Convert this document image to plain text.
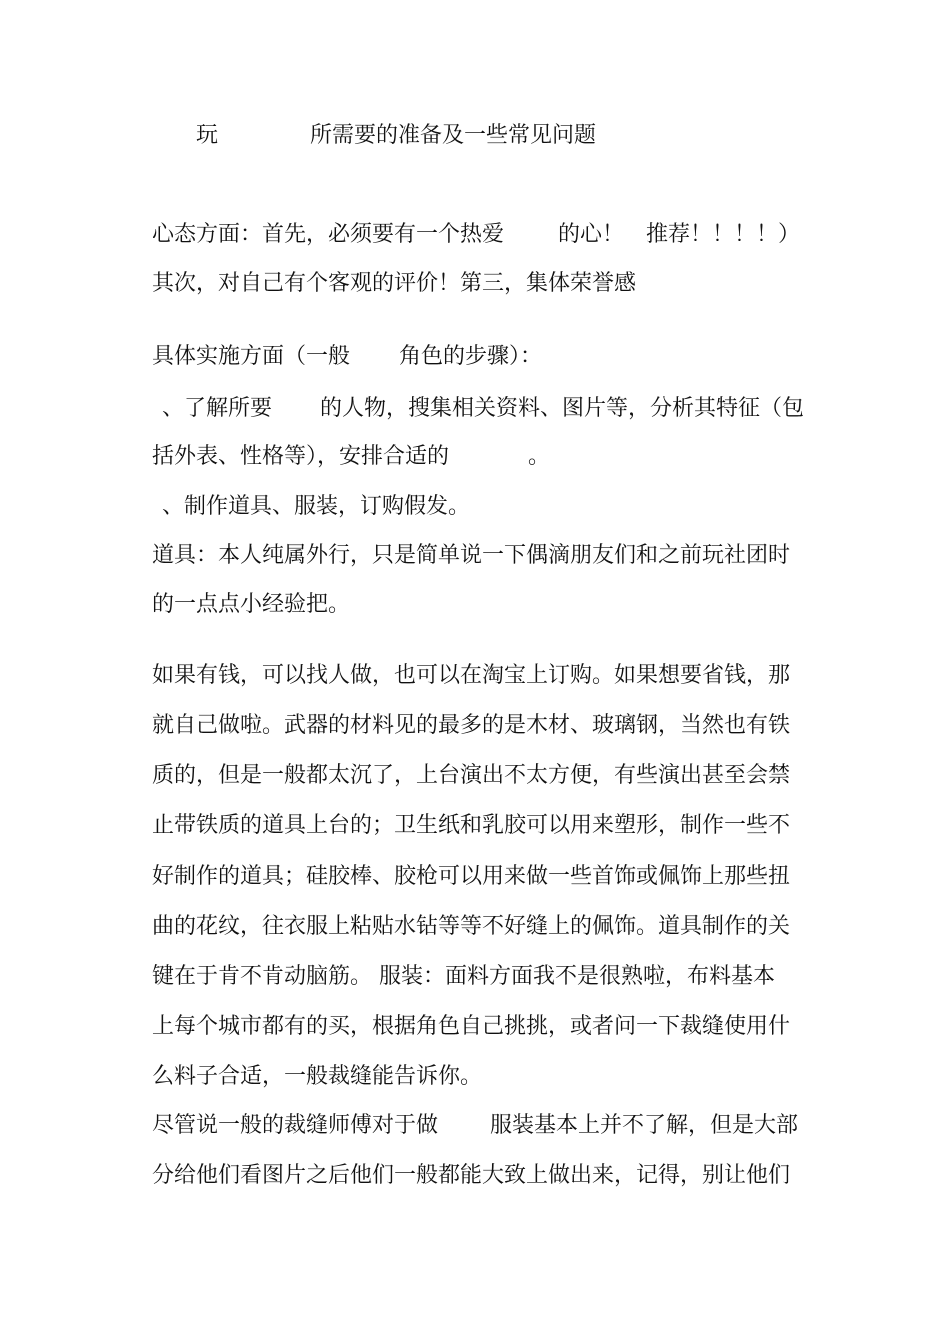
玩	所需要的准备及一些常见问题
心态方面：首先，必须要有一个热爱 的心！ 推荐！！！！）
其次，对自己有个客观的评价！第三，集体荣誉感
具体实施方面（一般 角色的步骤）：
、了解所要 的人物，搜集相关资料、图片等，分析其特征（包
括外表、性格等），安排合适的	。
、制作道具、服装，订购假发。
道具：本人纯属外行，只是简单说一下偶滴朋友们和之前玩社团时
的一点点小经验把。
如果有钱，可以找人做，也可以在淘宝上订购。如果想要省钱，那
就自己做啦。武器的材料见的最多的是木材、玻璃钢，当然也有铁
质的，但是一般都太沉了，上台演出不太方便，有些演出甚至会禁
止带铁质的道具上台的；卫生纸和乳胶可以用来塑形，制作一些不
好制作的道具；硅胶棒、胶枪可以用来做一些首饰或佩饰上那些扭
曲的花纹，往衣服上粘贴水钻等等不好缝上的佩饰。道具制作的关
键在于肯不肯动脑筋。 服装：面料方面我不是很熟啦，布料基本
上每个城市都有的买，根据角色自己挑挑，或者问一下裁缝使用什
么料子合适，一般裁缝能告诉你。
尽管说一般的裁缝师傅对于做 服装基本上并不了解，但是大部
分给他们看图片之后他们一般都能大致上做出来，记得，别让他们
